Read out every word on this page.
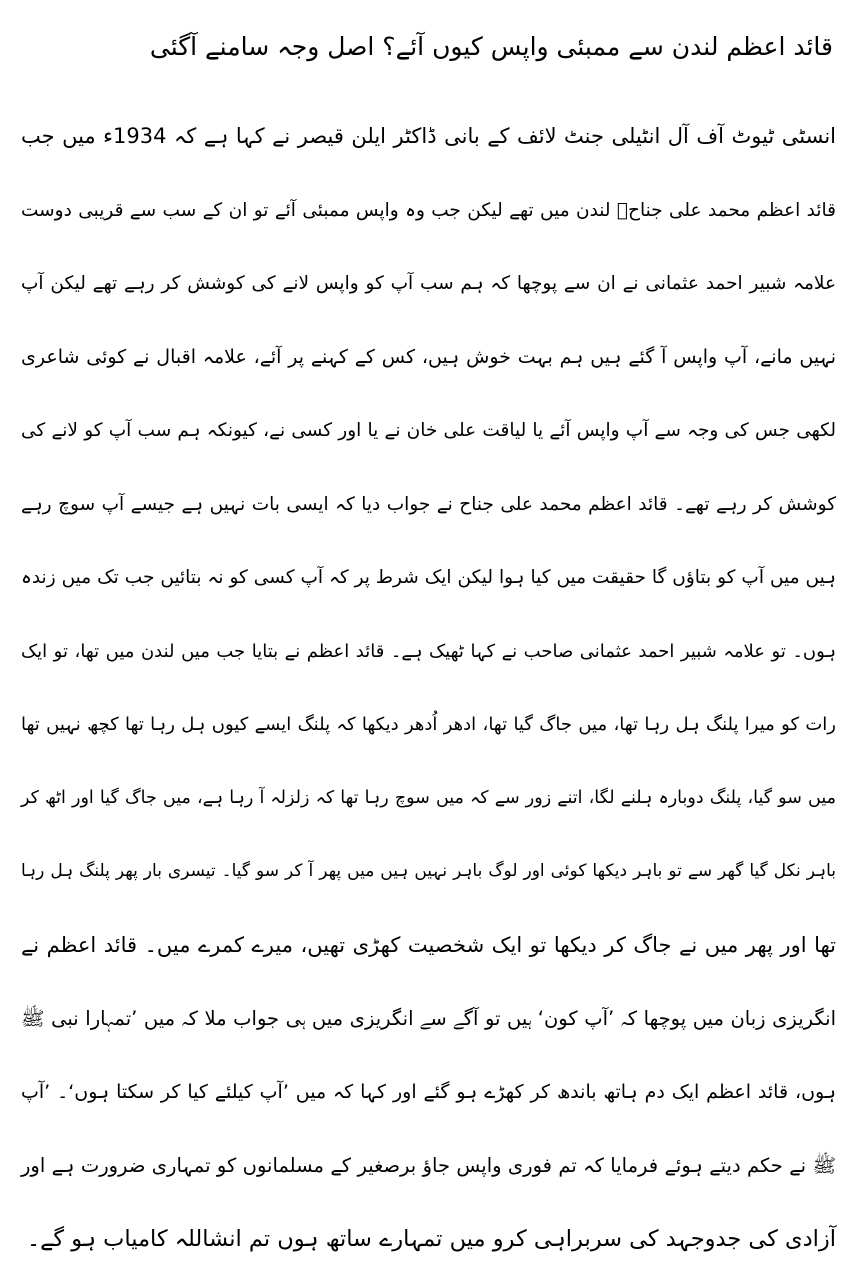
قائد اعظم لندن سے ممبئی واپس کیوں آئے؟ اصل وجہ سامنے آگئی
انسٹی ٹیوٹ آف آل انٹیلی جنٹ لائف کے بانی ڈاکٹر ایلن قیصر نے کہا ہے کہ 1934ء میں جب
قائد اعظم محمد علی جناحؒ لندن میں تھے لیکن جب وہ واپس ممبئی آئے تو ان کے سب سے قریبی دوست
علامہ شبیر احمد عثمانی نے ان سے پوچھا کہ ہم سب آپ کو واپس لانے کی کوشش کر رہے تھے لیکن آپ
نہیں مانے، آپ واپس آ گئے ہیں ہم بہت خوش ہیں، کس کے کہنے پر آئے، علامہ اقبال نے کوئی شاعری
لکھی جس کی وجہ سے آپ واپس آئے یا لیاقت علی خان نے یا اور کسی نے، کیونکہ ہم سب آپ کو لانے کی
کوشش کر رہے تھے۔ قائد اعظم محمد علی جناح نے جواب دیا کہ ایسی بات نہیں ہے جیسے آپ سوچ رہے
ہیں میں آپ کو بتاؤں گا حقیقت میں کیا ہوا لیکن ایک شرط پر کہ آپ کسی کو نہ بتائیں جب تک میں زندہ
ہوں۔ تو علامہ شبیر احمد عثمانی صاحب نے کہا ٹھیک ہے۔ قائد اعظم نے بتایا جب میں لندن میں تھا، تو ایک
رات کو میرا پلنگ ہل رہا تھا، میں جاگ گیا تھا، ادھر اُدھر دیکھا کہ پلنگ ایسے کیوں ہل رہا تھا کچھ نہیں تھا
میں سو گیا، پلنگ دوبارہ ہلنے لگا، اتنے زور سے کہ میں سوچ رہا تھا کہ زلزلہ آ رہا ہے، میں جاگ گیا اور اٹھ کر
باہر نکل گیا گھر سے تو باہر دیکھا کوئی اور لوگ باہر نہیں ہیں میں پھر آ کر سو گیا۔ تیسری بار پھر پلنگ ہل رہا
تھا اور پھر میں نے جاگ کر دیکھا تو ایک شخصیت کھڑی تھیں، میرے کمرے میں۔ قائد اعظم نے
انگریزی زبان میں پوچھا کہ ’آپ کون‘ ہیں تو آگے سے انگریزی میں ہی جواب ملا کہ میں ’تمہارا نبی ﷺ
ہوں، قائد اعظم ایک دم ہاتھ باندھ کر کھڑے ہو گئے اور کہا کہ میں ’آپ کیلئے کیا کر سکتا ہوں‘۔ ’آپ
ﷺ نے حکم دیتے ہوئے فرمایا کہ تم فوری واپس جاؤ برصغیر کے مسلمانوں کو تمہاری ضرورت ہے اور
آزادی کی جدوجہد کی سربراہی کرو میں تمہارے ساتھ ہوں تم انشاللہ کامیاب ہو گے۔
